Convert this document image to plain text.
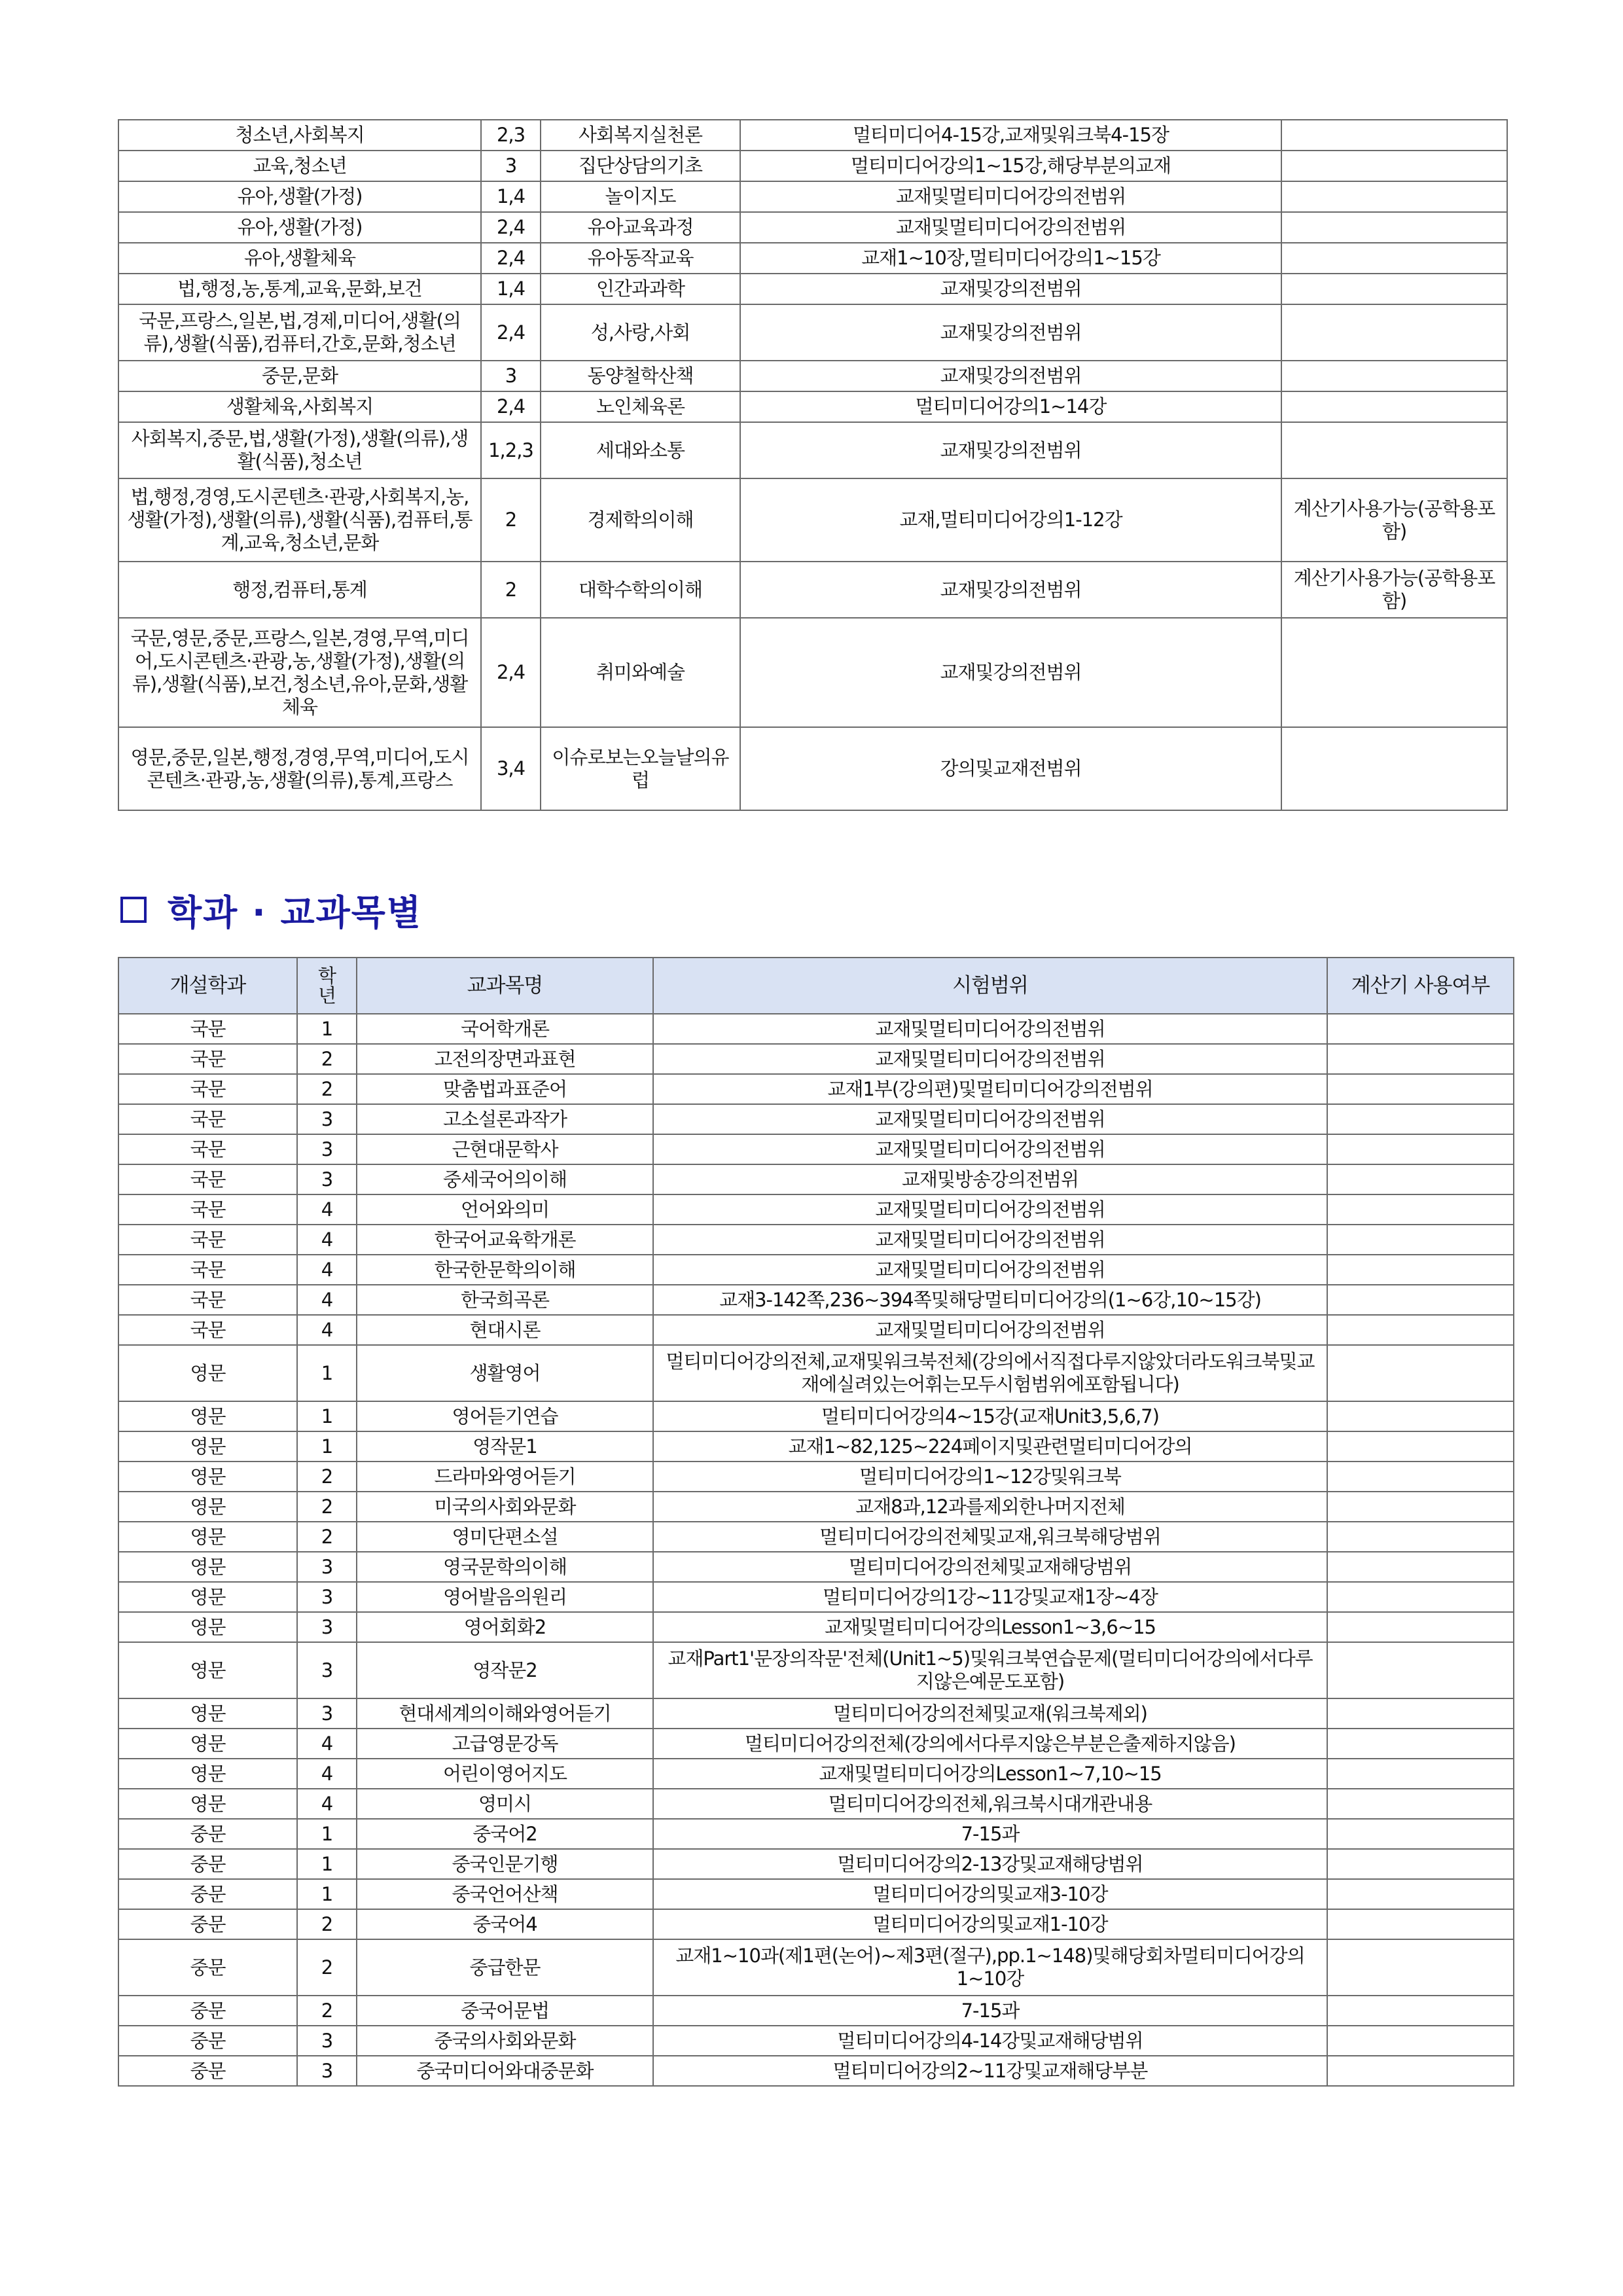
청소년,사회복지	2,3	사회복지실천론	멀티미디어4-15강,교재및워크북4-15장	
교육,청소년	3	집단상담의기초	멀티미디어강의1~15강,해당부분의교재	
유아,생활(가정)	1,4	놀이지도	교재및멀티미디어강의전범위	
유아,생활(가정)	2,4	유아교육과정	교재및멀티미디어강의전범위	
유아,생활체육	2,4	유아동작교육	교재1~10장,멀티미디어강의1~15강	
법,행정,농,통계,교육,문화,보건	1,4	인간과과학	교재및강의전범위	
국문,프랑스,일본,법,경제,미디어,생활(의류),생활(식품),컴퓨터,간호,문화,청소년	2,4	성,사랑,사회	교재및강의전범위	
중문,문화	3	동양철학산책	교재및강의전범위	
생활체육,사회복지	2,4	노인체육론	멀티미디어강의1~14강	
사회복지,중문,법,생활(가정),생활(의류),생활(식품),청소년	1,2,3	세대와소통	교재및강의전범위	
법,행정,경영,도시콘텐츠·관광,사회복지,농,생활(가정),생활(의류),생활(식품),컴퓨터,통계,교육,청소년,문화	2	경제학의이해	교재,멀티미디어강의1-12강	계산기사용가능(공학용포함)
행정,컴퓨터,통계	2	대학수학의이해	교재및강의전범위	계산기사용가능(공학용포함)
국문,영문,중문,프랑스,일본,경영,무역,미디어,도시콘텐츠·관광,농,생활(가정),생활(의류),생활(식품),보건,청소년,유아,문화,생활체육	2,4	취미와예술	교재및강의전범위	
영문,중문,일본,행정,경영,무역,미디어,도시콘텐츠·관광,농,생활(의류),통계,프랑스	3,4	이슈로보는오늘날의유럽	강의및교재전범위	
학과 · 교과목별
개설학과	학년	교과목명	시험범위	계산기 사용여부
국문	1	국어학개론	교재및멀티미디어강의전범위	
국문	2	고전의장면과표현	교재및멀티미디어강의전범위	
국문	2	맞춤법과표준어	교재1부(강의편)및멀티미디어강의전범위	
국문	3	고소설론과작가	교재및멀티미디어강의전범위	
국문	3	근현대문학사	교재및멀티미디어강의전범위	
국문	3	중세국어의이해	교재및방송강의전범위	
국문	4	언어와의미	교재및멀티미디어강의전범위	
국문	4	한국어교육학개론	교재및멀티미디어강의전범위	
국문	4	한국한문학의이해	교재및멀티미디어강의전범위	
국문	4	한국희곡론	교재3-142쪽,236~394쪽및해당멀티미디어강의(1~6강,10~15강)	
국문	4	현대시론	교재및멀티미디어강의전범위	
영문	1	생활영어	멀티미디어강의전체,교재및워크북전체(강의에서직접다루지않았더라도워크북및교재에실려있는어휘는모두시험범위에포함됩니다)	
영문	1	영어듣기연습	멀티미디어강의4~15강(교재Unit3,5,6,7)	
영문	1	영작문1	교재1~82,125~224페이지및관련멀티미디어강의	
영문	2	드라마와영어듣기	멀티미디어강의1~12강및워크북	
영문	2	미국의사회와문화	교재8과,12과를제외한나머지전체	
영문	2	영미단편소설	멀티미디어강의전체및교재,워크북해당범위	
영문	3	영국문학의이해	멀티미디어강의전체및교재해당범위	
영문	3	영어발음의원리	멀티미디어강의1강~11강및교재1장~4장	
영문	3	영어회화2	교재및멀티미디어강의Lesson1~3,6~15	
영문	3	영작문2	교재Part1'문장의작문'전체(Unit1~5)및워크북연습문제(멀티미디어강의에서다루지않은예문도포함)	
영문	3	현대세계의이해와영어듣기	멀티미디어강의전체및교재(워크북제외)	
영문	4	고급영문강독	멀티미디어강의전체(강의에서다루지않은부분은출제하지않음)	
영문	4	어린이영어지도	교재및멀티미디어강의Lesson1~7,10~15	
영문	4	영미시	멀티미디어강의전체,워크북시대개관내용	
중문	1	중국어2	7-15과	
중문	1	중국인문기행	멀티미디어강의2-13강및교재해당범위	
중문	1	중국언어산책	멀티미디어강의및교재3-10강	
중문	2	중국어4	멀티미디어강의및교재1-10강	
중문	2	중급한문	교재1~10과(제1편(논어)~제3편(절구),pp.1~148)및해당회차멀티미디어강의1~10강	
중문	2	중국어문법	7-15과	
중문	3	중국의사회와문화	멀티미디어강의4-14강및교재해당범위	
중문	3	중국미디어와대중문화	멀티미디어강의2~11강및교재해당부분	
